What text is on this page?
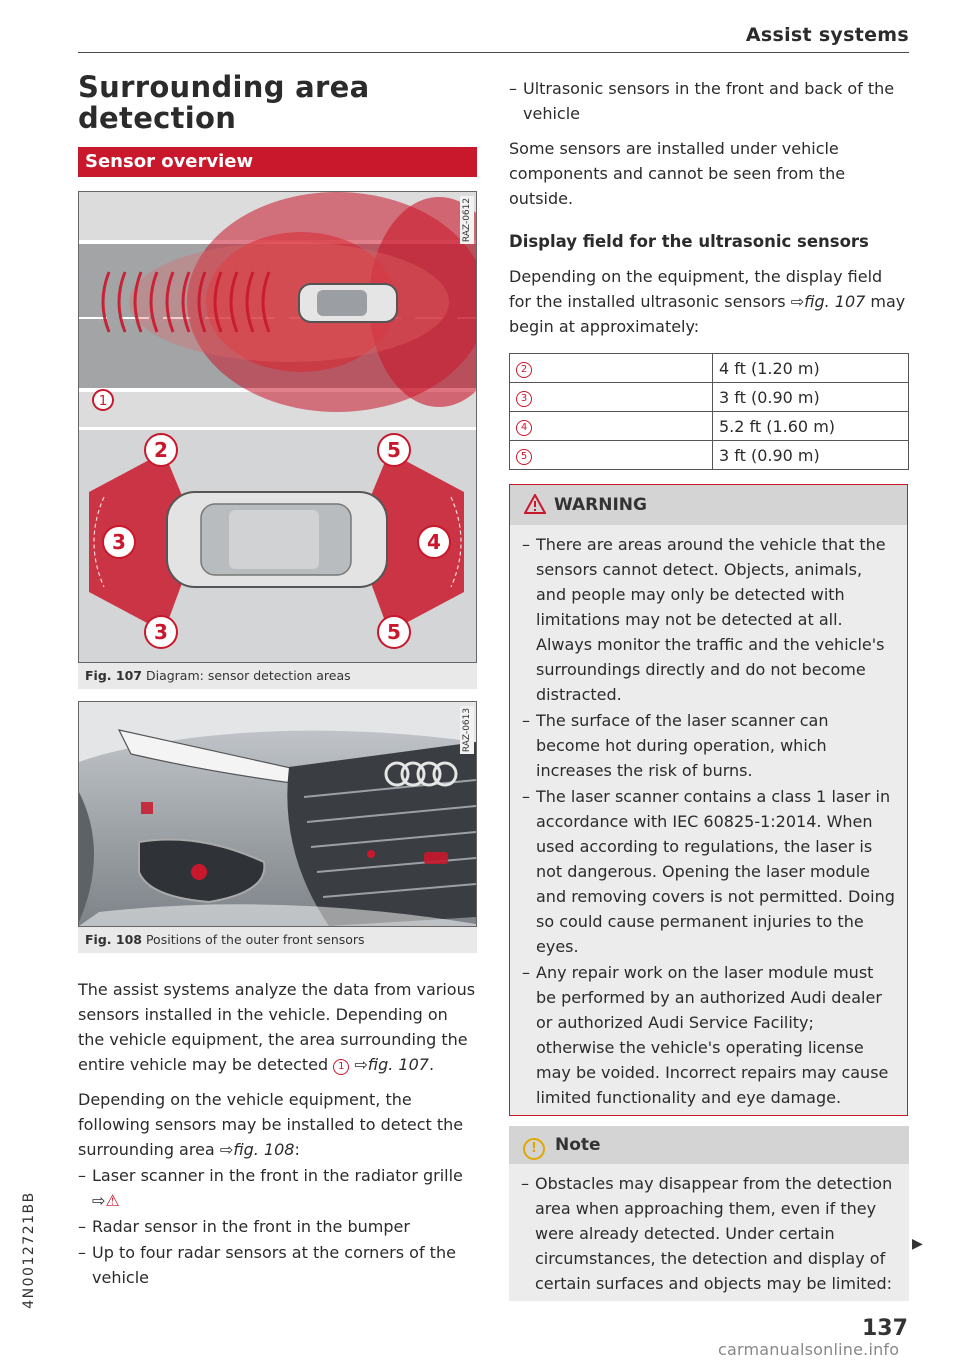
Assist systems
4N0012721BB
Surrounding area detection
Sensor overview
RAZ-0612
1
2
3
3
5
4
5
Fig. 107 Diagram: sensor detection areas
RAZ-0613
Fig. 108 Positions of the outer front sensors

The assist systems analyze the data from various sensors installed in the vehicle. Depending on the vehicle equipment, the area surrounding the entire vehicle may be detected 1 ⇨fig. 107.

Depending on the vehicle equipment, the following sensors may be installed to detect the surrounding area ⇨fig. 108:

– Laser scanner in the front in the radiator grille
⇨⚠
– Radar sensor in the front in the bumper
– Up to four radar sensors at the corners of the vehicle
– Ultrasonic sensors in the front and back of the vehicle

Some sensors are installed under vehicle components and cannot be seen from the outside.

Display field for the ultrasonic sensors

Depending on the equipment, the display field for the installed ultrasonic sensors ⇨fig. 107 may begin at approximately:

2	4 ft (1.20 m)
3	3 ft (0.90 m)
4	5.2 ft (1.60 m)
5	3 ft (0.90 m)
WARNING
– There are areas around the vehicle that the sensors cannot detect. Objects, animals, and people may only be detected with limitations may not be detected at all. Always monitor the traffic and the vehicle's surroundings directly and do not become distracted.
– The surface of the laser scanner can become hot during operation, which increases the risk of burns.
– The laser scanner contains a class 1 laser in accordance with IEC 60825-1:2014. When used according to regulations, the laser is not dangerous. Opening the laser module and removing covers is not permitted. Doing so could cause permanent injuries to the eyes.
– Any repair work on the laser module must be performed by an authorized Audi dealer or authorized Audi Service Facility; otherwise the vehicle's operating license may be voided. Incorrect repairs may cause limited functionality and eye damage.
! Note
– Obstacles may disappear from the detection area when approaching them, even if they were already detected. Under certain circumstances, the detection and display of certain surfaces and objects may be limited:
▶
137
carmanualsonline.info
